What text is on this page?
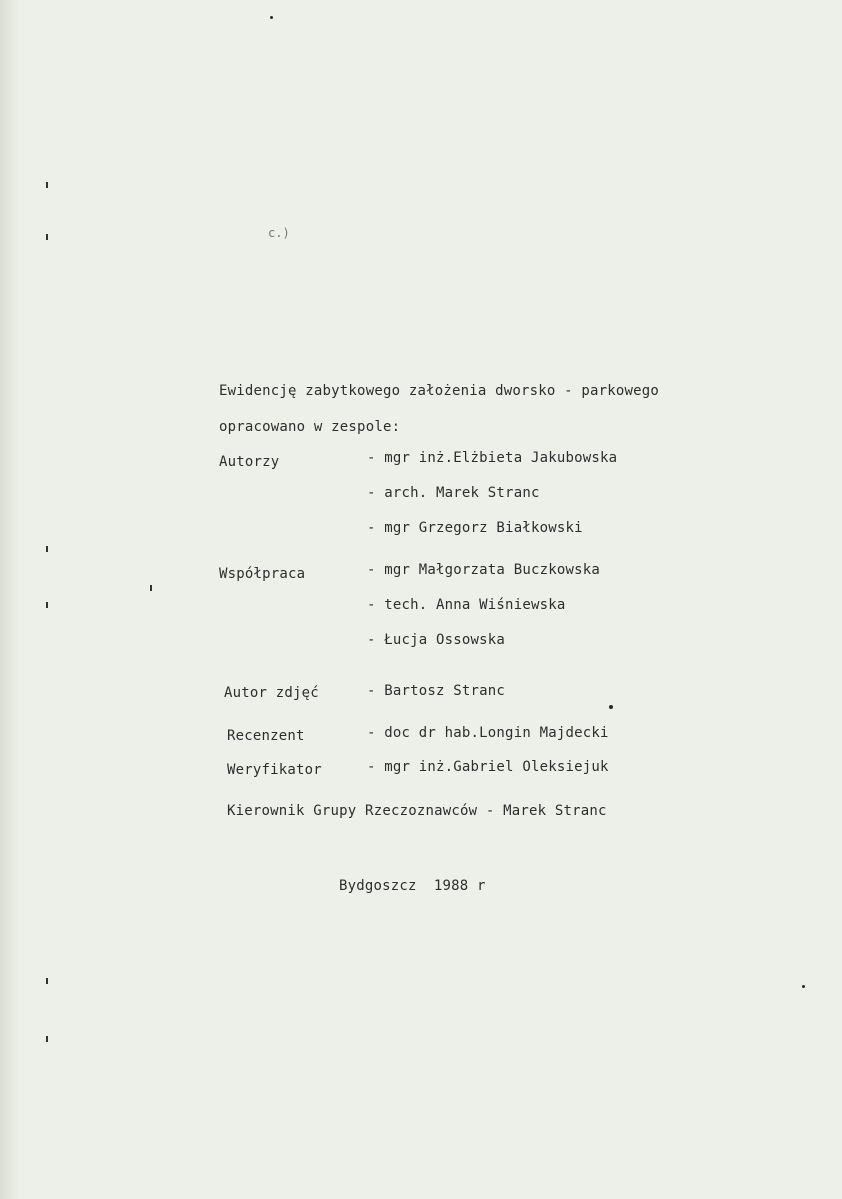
c.)
Ewidencję zabytkowego założenia dworsko - parkowego
opracowano w zespole:
Autorzy	- mgr inż.Elżbieta Jakubowska
- arch. Marek Stranc
- mgr Grzegorz Białkowski
Współpraca	- mgr Małgorzata Buczkowska
- tech. Anna Wiśniewska
- Łucja Ossowska
Autor zdjęć	- Bartosz Stranc
Recenzent	- doc dr hab.Longin Majdecki
Weryfikator	- mgr inż.Gabriel Oleksiejuk
Kierownik Grupy Rzeczoznawców - Marek Stranc
Bydgoszcz  1988 r
